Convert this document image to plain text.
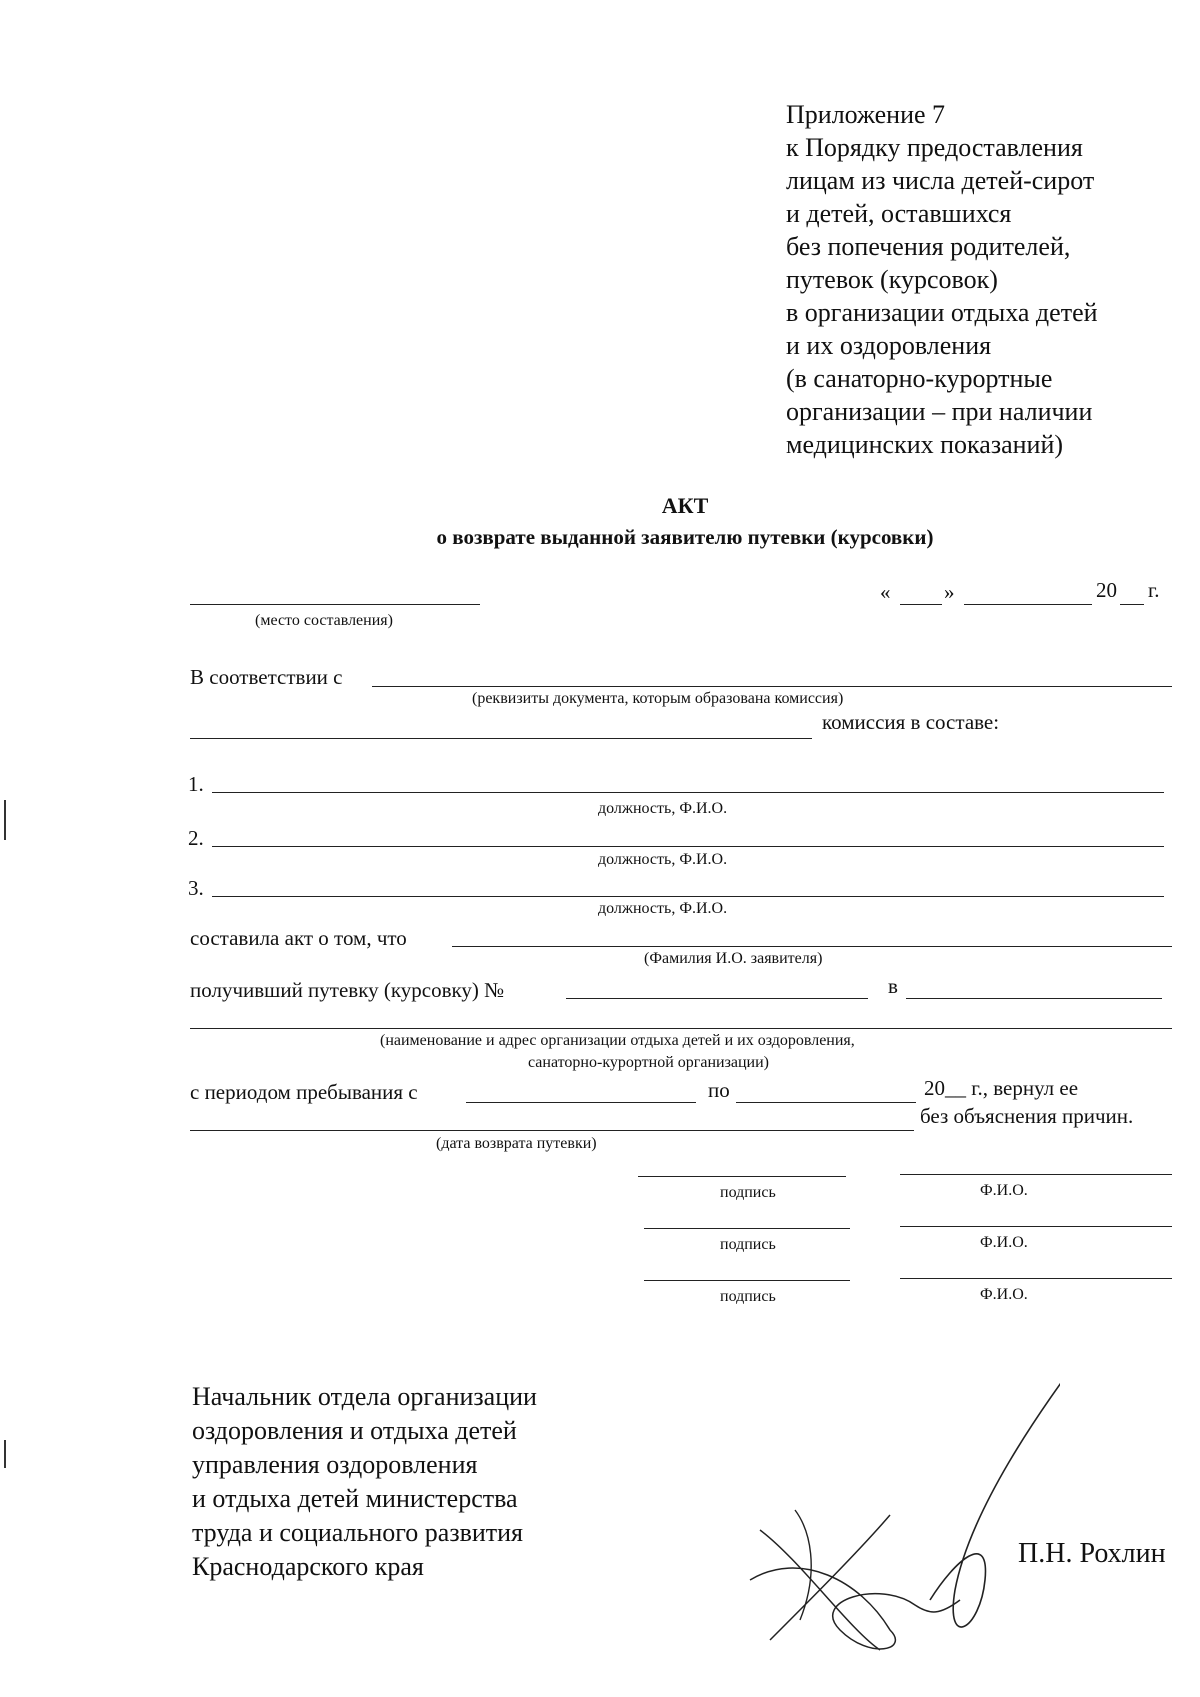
Приложение 7
к Порядку предоставления
лицам из числа детей-сирот
и детей, оставшихся
без попечения родителей,
путевок (курсовок)
в организации отдыха детей
и их оздоровления
(в санаторно-курортные
организации – при наличии
медицинских показаний)
АКТ
о возврате выданной заявителю путевки (курсовки)
(место составления)
«	»	20 г.
В соответствии с
(реквизиты документа, которым образована комиссия)
комиссия в составе:
1.
должность, Ф.И.О.
2.
должность, Ф.И.О.
3.
должность, Ф.И.О.
составила акт о том, что
(Фамилия И.О. заявителя)
получивший путевку (курсовку) №	в
(наименование и адрес организации отдыха детей и их оздоровления,
санаторно-курортной организации)
с периодом пребывания с	по	20__ г., вернул ее
без объяснения причин.
(дата возврата путевки)
подпись	Ф.И.О.
подпись	Ф.И.О.
подпись	Ф.И.О.
Начальник отдела организации
оздоровления и отдыха детей
управления оздоровления
и отдыха детей министерства
труда и социального развития
Краснодарского края	П.Н. Рохлин
